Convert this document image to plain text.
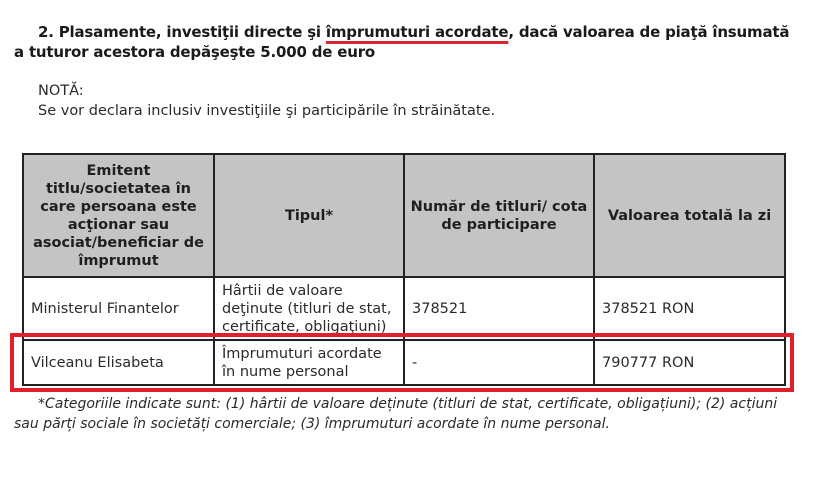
2. Plasamente, investiţii directe şi împrumuturi acordate, dacă valoarea de piaţă însumată a tuturor acestora depăşeşte 5.000 de euro
NOTĂ:
Se vor declara inclusiv investiţiile şi participările în străinătate.
Emitent titlu/societatea în care persoana este acţionar sau asociat/beneficiar de împrumut	Tipul*	Număr de titluri/ cota de participare	Valoarea totală la zi
Ministerul Finantelor	Hârtii de valoare deţinute (titluri de stat, certificate, obligaţiuni)	378521	378521 RON
Vilceanu Elisabeta	Împrumuturi acordate în nume personal	-	790777 RON
*Categoriile indicate sunt: (1) hârtii de valoare deținute (titluri de stat, certificate, obligațiuni); (2) acțiuni sau părți sociale în societăți comerciale; (3) împrumuturi acordate în nume personal.
